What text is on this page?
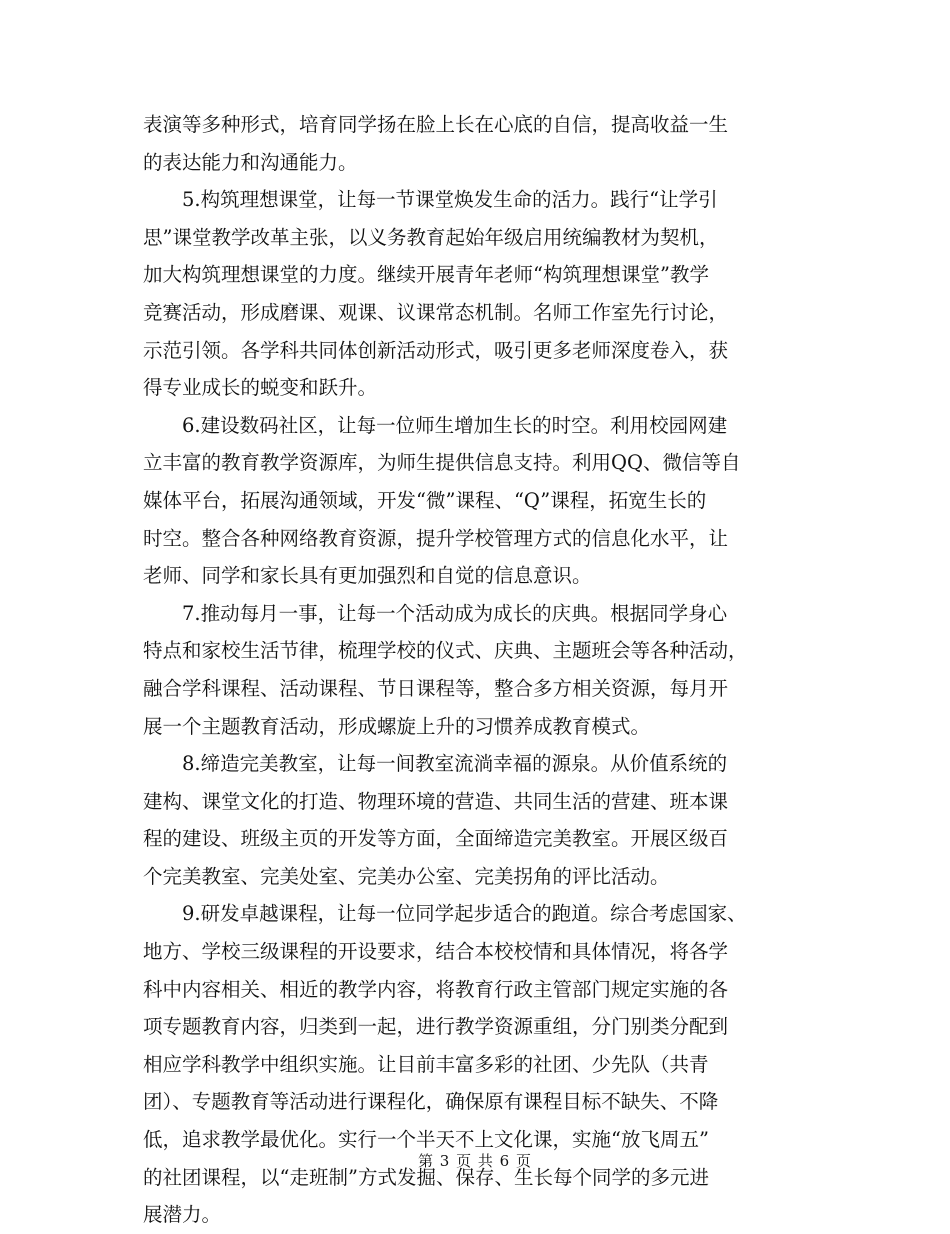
表演等多种形式，培育同学扬在脸上长在心底的自信，提高收益一生
的表达能力和沟通能力。
5.构筑理想课堂，让每一节课堂焕发生命的活力。践行“让学引
思”课堂教学改革主张，以义务教育起始年级启用统编教材为契机，
加大构筑理想课堂的力度。继续开展青年老师“构筑理想课堂”教学
竞赛活动，形成磨课、观课、议课常态机制。名师工作室先行讨论，
示范引领。各学科共同体创新活动形式，吸引更多老师深度卷入，获
得专业成长的蜕变和跃升。
6.建设数码社区，让每一位师生增加生长的时空。利用校园网建
立丰富的教育教学资源库，为师生提供信息支持。利用QQ、微信等自
媒体平台，拓展沟通领域，开发“微”课程、“Q”课程，拓宽生长的
时空。整合各种网络教育资源，提升学校管理方式的信息化水平，让
老师、同学和家长具有更加强烈和自觉的信息意识。
7.推动每月一事，让每一个活动成为成长的庆典。根据同学身心
特点和家校生活节律，梳理学校的仪式、庆典、主题班会等各种活动，
融合学科课程、活动课程、节日课程等，整合多方相关资源，每月开
展一个主题教育活动，形成螺旋上升的习惯养成教育模式。
8.缔造完美教室，让每一间教室流淌幸福的源泉。从价值系统的
建构、课堂文化的打造、物理环境的营造、共同生活的营建、班本课
程的建设、班级主页的开发等方面，全面缔造完美教室。开展区级百
个完美教室、完美处室、完美办公室、完美拐角的评比活动。
9.研发卓越课程，让每一位同学起步适合的跑道。综合考虑国家、
地方、学校三级课程的开设要求，结合本校校情和具体情况，将各学
科中内容相关、相近的教学内容，将教育行政主管部门规定实施的各
项专题教育内容，归类到一起，进行教学资源重组，分门别类分配到
相应学科教学中组织实施。让目前丰富多彩的社团、少先队（共青
团）、专题教育等活动进行课程化，确保原有课程目标不缺失、不降
低，追求教学最优化。实行一个半天不上文化课，实施“放飞周五”
的社团课程，以“走班制”方式发掘、保存、生长每个同学的多元进
展潜力。
第 3 页 共 6 页
